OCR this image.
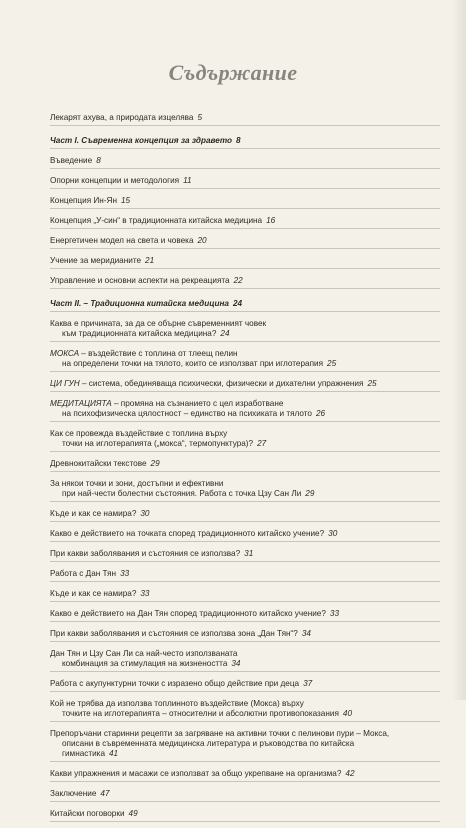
Съдържание
Лекарят ахува, а природата изцелява 5
Част I. Съвременна концепция за здравето 8
Въведение 8
Опорни концепции и методология 11
Концепция Ин-Ян 15
Концепция „У-син“ в традиционната китайска медицина 16
Енергетичен модел на света и човека 20
Учение за меридианите 21
Управление и основни аспекти на рекреацията 22
Част II. – Традиционна китайска медицина 24
Каква е причината, за да се обърне съвременният човек
към традиционната китайска медицина? 24
МОКСА – въздействие с топлина от тлеещ пелин
на определени точки на тялото, които се използват при иглотерапия 25
ЦИ ГУН – система, обединяваща психически, физически и дихателни упражнения 25
МЕДИТАЦИЯТА – промяна на съзнанието с цел изработване
на психофизическа цялостност – единство на психиката и тялото 26
Как се провежда въздействие с топлина върху
точки на иглотерапията („мокса“, термопунктура)? 27
Древнокитайски текстове 29
За някои точки и зони, достъпни и ефективни
при най-чести болестни състояния. Работа с точка Цзу Сан Ли 29
Къде и как се намира? 30
Какво е действието на точката според традиционното китайско учение? 30
При какви заболявания и състояния се използва? 31
Работа с Дан Тян 33
Къде и как се намира? 33
Какво е действието на Дан Тян според традиционното китайско учение? 33
При какви заболявания и състояния се използва зона „Дан Тян“? 34
Дан Тян и Цзу Сан Ли са най-често използваната
комбинация за стимулация на жизнеността 34
Работа с акупунктурни точки с изразено общо действие при деца 37
Кой не трябва да използва топлинното въздействие (Мокса) върху
точките на иглотерапията – относителни и абсолютни противопоказания 40
Препоръчани старинни рецепти за загряване на активни точки с пелинови пури – Мокса,
описани в съвременната медицинска литература и ръководства по китайска
гимнастика 41
Какви упражнения и масажи се използват за общо укрепване на организма? 42
Заключение 47
Китайски поговорки 49
